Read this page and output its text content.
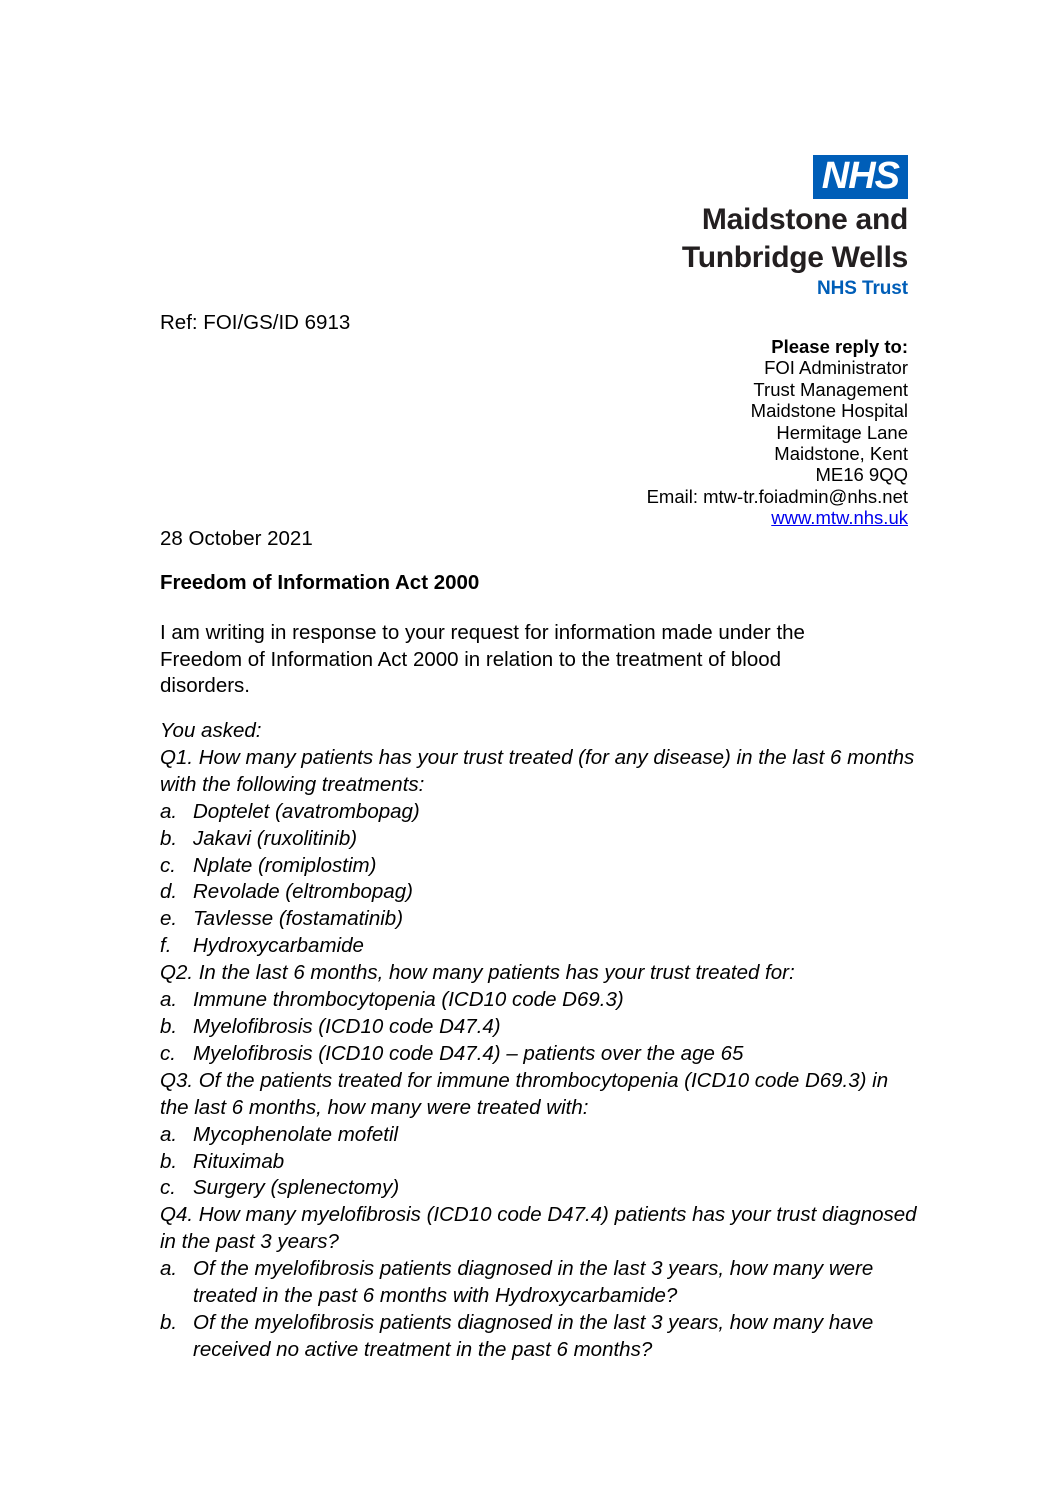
NHS
Maidstone and
Tunbridge Wells
NHS Trust
Ref: FOI/GS/ID 6913
Please reply to:
FOI Administrator
Trust Management
Maidstone Hospital
Hermitage Lane
Maidstone, Kent
ME16 9QQ
Email: mtw-tr.foiadmin@nhs.net
www.mtw.nhs.uk
28 October 2021
Freedom of Information Act 2000
I am writing in response to your request for information made under the Freedom of Information Act 2000 in relation to the treatment of blood disorders.
You asked:
Q1. How many patients has your trust treated (for any disease) in the last 6 months with the following treatments:
a. Doptelet (avatrombopag)
b. Jakavi (ruxolitinib)
c. Nplate (romiplostim)
d. Revolade (eltrombopag)
e. Tavlesse (fostamatinib)
f. Hydroxycarbamide
Q2. In the last 6 months, how many patients has your trust treated for:
a. Immune thrombocytopenia (ICD10 code D69.3)
b. Myelofibrosis (ICD10 code D47.4)
c. Myelofibrosis (ICD10 code D47.4) – patients over the age 65
Q3. Of the patients treated for immune thrombocytopenia (ICD10 code D69.3) in the last 6 months, how many were treated with:
a. Mycophenolate mofetil
b. Rituximab
c. Surgery (splenectomy)
Q4. How many myelofibrosis (ICD10 code D47.4) patients has your trust diagnosed in the past 3 years?
a. Of the myelofibrosis patients diagnosed in the last 3 years, how many were treated in the past 6 months with Hydroxycarbamide?
b. Of the myelofibrosis patients diagnosed in the last 3 years, how many have received no active treatment in the past 6 months?
